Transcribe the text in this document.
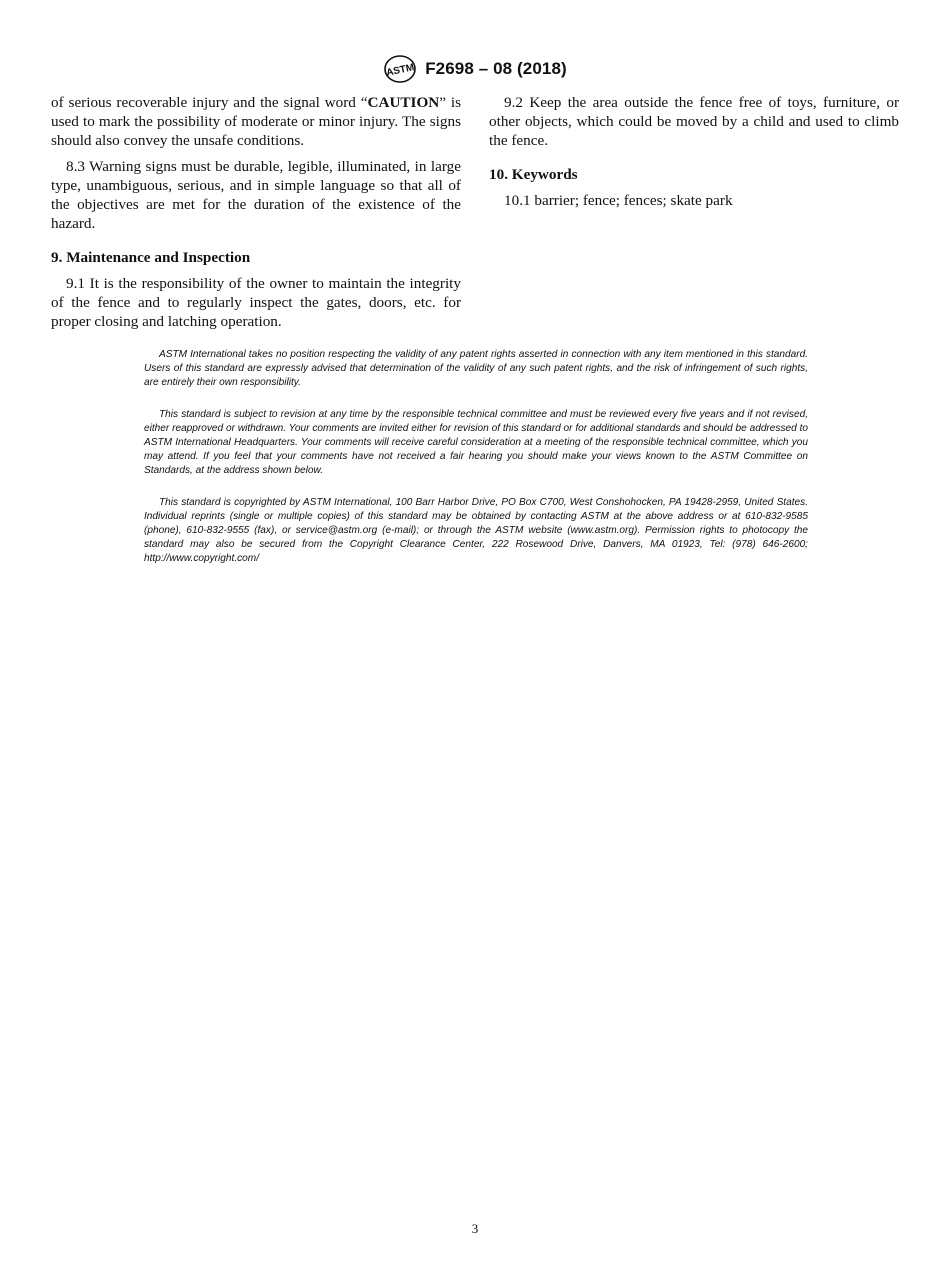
ASTM F2698 – 08 (2018)

of serious recoverable injury and the signal word “CAUTION” is used to mark the possibility of moderate or minor injury. The signs should also convey the unsafe conditions.

8.3 Warning signs must be durable, legible, illuminated, in large type, unambiguous, serious, and in simple language so that all of the objectives are met for the duration of the existence of the hazard.

9. Maintenance and Inspection

9.1 It is the responsibility of the owner to maintain the integrity of the fence and to regularly inspect the gates, doors, etc. for proper closing and latching operation.

9.2 Keep the area outside the fence free of toys, furniture, or other objects, which could be moved by a child and used to climb the fence.

10. Keywords

10.1 barrier; fence; fences; skate park

ASTM International takes no position respecting the validity of any patent rights asserted in connection with any item mentioned in this standard. Users of this standard are expressly advised that determination of the validity of any such patent rights, and the risk of infringement of such rights, are entirely their own responsibility.

This standard is subject to revision at any time by the responsible technical committee and must be reviewed every five years and if not revised, either reapproved or withdrawn. Your comments are invited either for revision of this standard or for additional standards and should be addressed to ASTM International Headquarters. Your comments will receive careful consideration at a meeting of the responsible technical committee, which you may attend. If you feel that your comments have not received a fair hearing you should make your views known to the ASTM Committee on Standards, at the address shown below.

This standard is copyrighted by ASTM International, 100 Barr Harbor Drive, PO Box C700, West Conshohocken, PA 19428-2959, United States. Individual reprints (single or multiple copies) of this standard may be obtained by contacting ASTM at the above address or at 610-832-9585 (phone), 610-832-9555 (fax), or service@astm.org (e-mail); or through the ASTM website (www.astm.org). Permission rights to photocopy the standard may also be secured from the Copyright Clearance Center, 222 Rosewood Drive, Danvers, MA 01923, Tel: (978) 646-2600; http://www.copyright.com/

3
